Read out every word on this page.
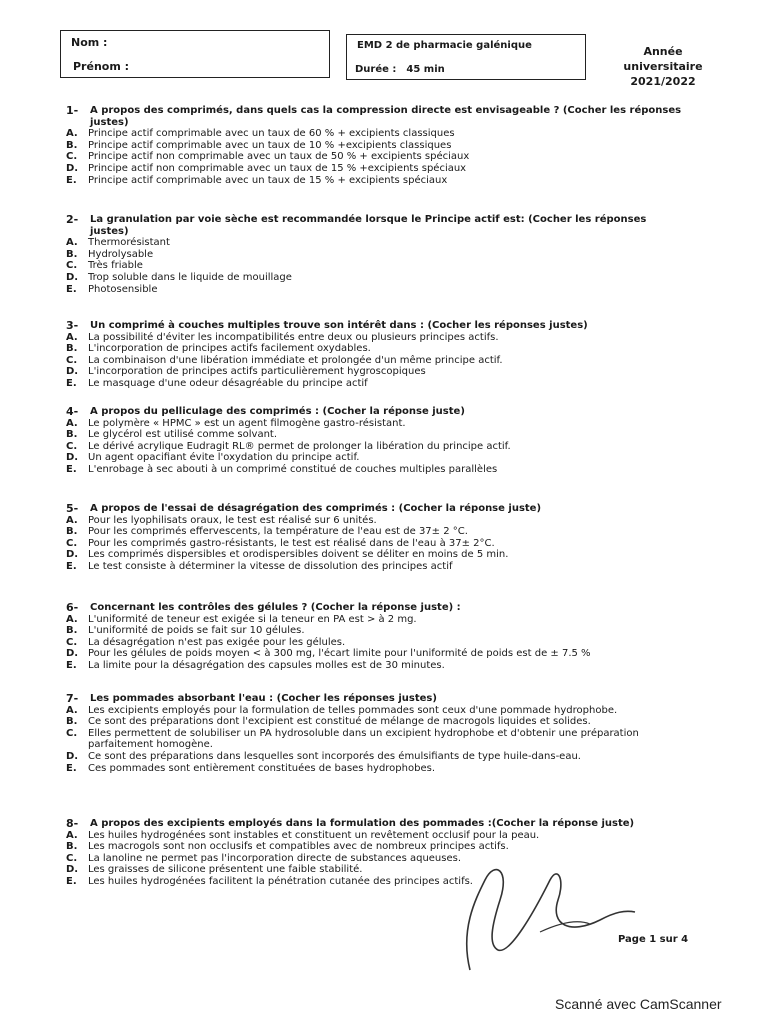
Nom :
Prénom :
EMD 2 de pharmacie galénique
Durée : 45 min
Année
universitaire
2021/2022
1-	A propos des comprimés, dans quels cas la compression directe est envisageable ? (Cocher les réponses justes)
A.	Principe actif comprimable avec un taux de 60 % + excipients classiques
B.	Principe actif comprimable avec un taux de 10 % +excipients classiques
C.	Principe actif non comprimable avec un taux de 50 % + excipients spéciaux
D. Principe actif non comprimable avec un taux de 15 % +excipients spéciaux
E.	Principe actif comprimable avec un taux de 15 % + excipients spéciaux
2-	La granulation par voie sèche est recommandée lorsque le Principe actif est: (Cocher les réponses justes)
A.	Thermorésistant
B.	Hydrolysable
C.	Très friable
D. Trop soluble dans le liquide de mouillage
E.	Photosensible
3-	Un comprimé à couches multiples trouve son intérêt dans : (Cocher les réponses justes)
A.	La possibilité d'éviter les incompatibilités entre deux ou plusieurs principes actifs.
B.	L'incorporation de principes actifs facilement oxydables.
C.	La combinaison d'une libération immédiate et prolongée d'un même principe actif.
D. L'incorporation de principes actifs particulièrement hygroscopiques
E.	Le masquage d'une odeur désagréable du principe actif
4-	A propos du pelliculage des comprimés : (Cocher la réponse juste)
A.	Le polymère « HPMC » est un agent filmogène gastro-résistant.
B.	Le glycérol est utilisé comme solvant.
C.	Le dérivé acrylique Eudragit RL® permet de prolonger la libération du principe actif.
D. Un agent opacifiant évite l'oxydation du principe actif.
E.	L'enrobage à sec abouti à un comprimé constitué de couches multiples parallèles
5-	A propos de l'essai de désagrégation des comprimés : (Cocher la réponse juste)
A.	Pour les lyophilisats oraux, le test est réalisé sur 6 unités.
B.	Pour les comprimés effervescents, la température de l'eau est de 37± 2 °C.
C.	Pour les comprimés gastro-résistants, le test est réalisé dans de l'eau à 37± 2°C.
D. Les comprimés dispersibles et orodispersibles doivent se déliter en moins de 5 min.
E.	Le test consiste à déterminer la vitesse de dissolution des principes actif
6-	Concernant les contrôles des gélules ? (Cocher la réponse juste) :
A.	L'uniformité de teneur est exigée si la teneur en PA est > à 2 mg.
B.	L'uniformité de poids se fait sur 10 gélules.
C.	La désagrégation n'est pas exigée pour les gélules.
D. Pour les gélules de poids moyen < à 300 mg, l'écart limite pour l'uniformité de poids est de ± 7.5 %
E.	La limite pour la désagrégation des capsules molles est de 30 minutes.
7-	Les pommades absorbant l'eau : (Cocher les réponses justes)
A.	Les excipients employés pour la formulation de telles pommades sont ceux d'une pommade hydrophobe.
B.	Ce sont des préparations dont l'excipient est constitué de mélange de macrogols liquides et solides.
C.	Elles permettent de solubiliser un PA hydrosoluble dans un excipient hydrophobe et d'obtenir une préparation parfaitement homogène.
D. Ce sont des préparations dans lesquelles sont incorporés des émulsifiants de type huile-dans-eau.
E.	Ces pommades sont entièrement constituées de bases hydrophobes.
8-	A propos des excipients employés dans la formulation des pommades :(Cocher la réponse juste)
A.	Les huiles hydrogénées sont instables et constituent un revêtement occlusif pour la peau.
B.	Les macrogols sont non occlusifs et compatibles avec de nombreux principes actifs.
C.	La lanoline ne permet pas l'incorporation directe de substances aqueuses.
D. Les graisses de silicone présentent une faible stabilité.
E.	Les huiles hydrogénées facilitent la pénétration cutanée des principes actifs.
Page 1 sur 4
Scanné avec CamScanner
